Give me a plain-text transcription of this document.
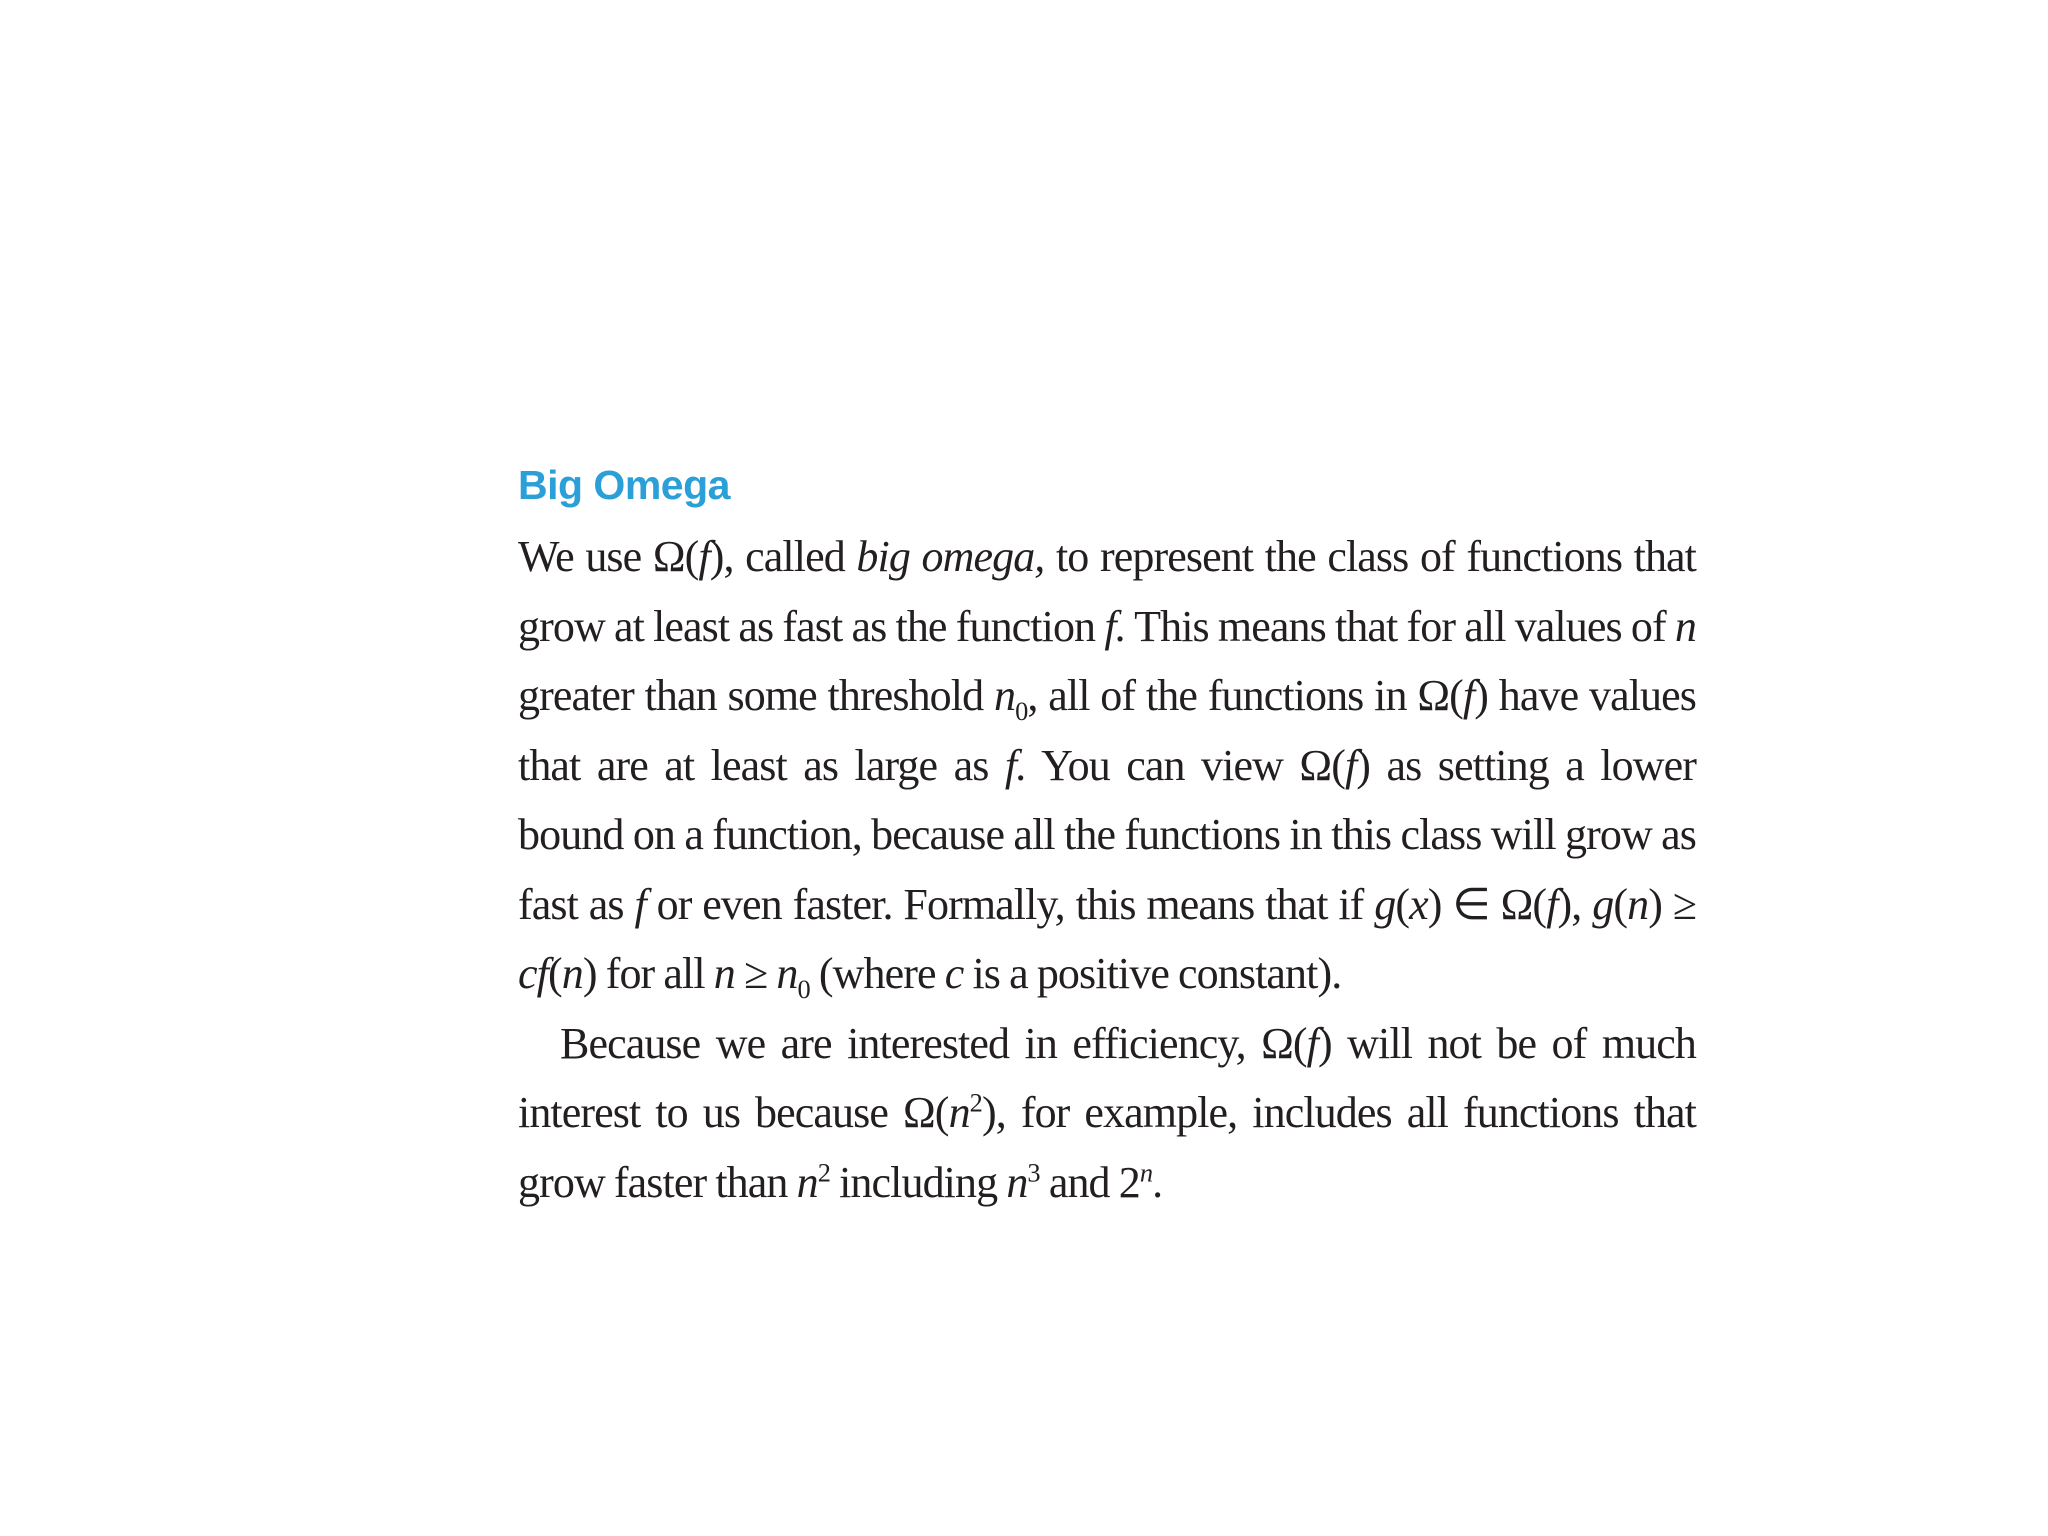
Big Omega

We use Ω(f), called big omega, to represent the class of functions that grow at least as fast as the function f. This means that for all values of n greater than some threshold $n_0$, all of the functions in Ω(f) have values that are at least as large as f. You can view Ω(f) as setting a lower bound on a function, because all the functions in this class will grow as fast as f or even faster. Formally, this means that if g(x) ∈ Ω(f), g(n) ≥ cf(n) for all $n \ge n_0$ (where c is a positive constant).

Because we are interested in efficiency, Ω(f) will not be of much interest to us because $\Omega(n^2)$, for example, includes all functions that grow faster than $n^2$ including $n^3$ and 2$^n$.
